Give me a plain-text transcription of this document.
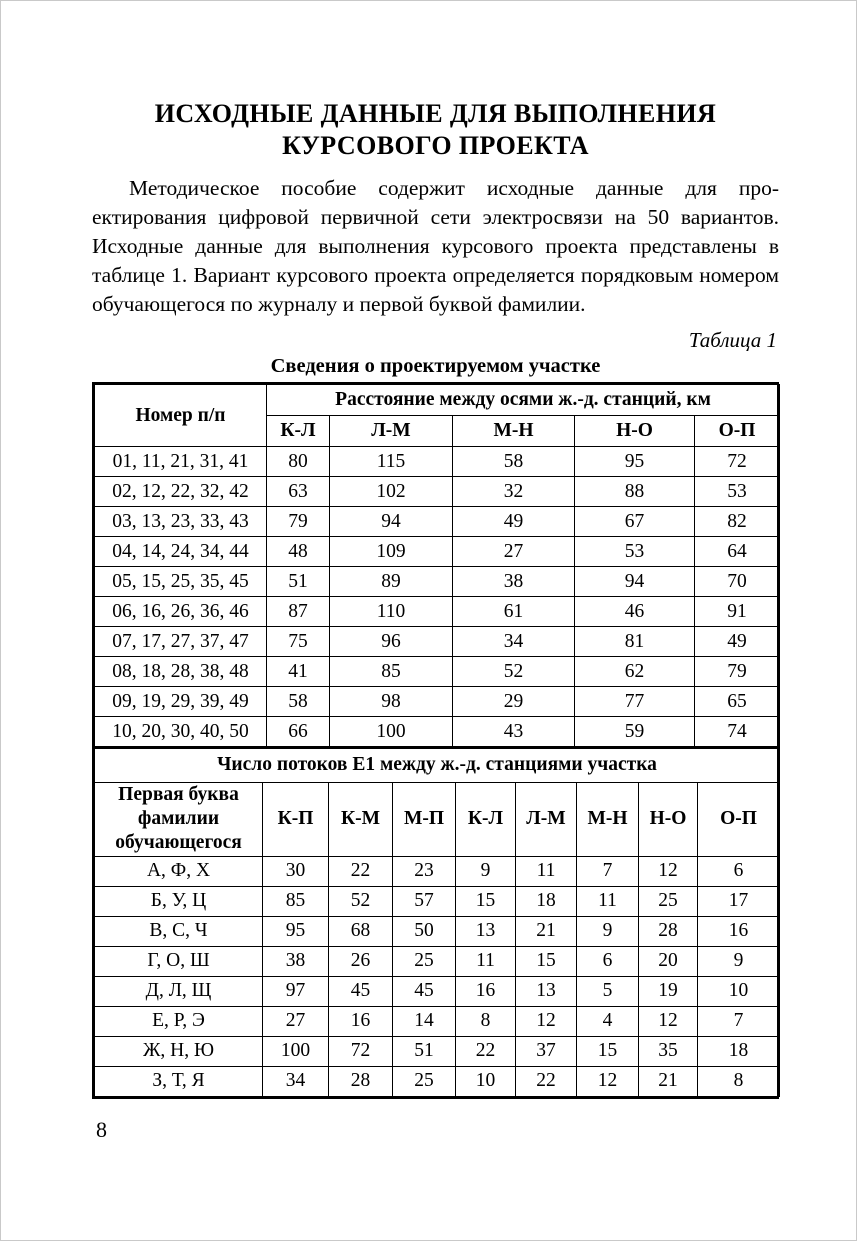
ИСХОДНЫЕ ДАННЫЕ ДЛЯ ВЫПОЛНЕНИЯ
КУРСОВОГО ПРОЕКТА

Методическое пособие содержит исходные данные для проектирования цифровой первичной сети электросвязи на 50 вариантов. Исходные данные для выполнения курсового проекта представлены в таблице 1. Вариант курсового проекта определяется порядковым номером обучающегося по журналу и первой буквой фамилии.

Таблица 1
Сведения о проектируемом участке
Номер п/п	Расстояние между осями ж.-д. станций, км				
	К-Л	Л-М	М-Н	Н-О	О-П
01, 11, 21, 31, 41	80	115	58	95	72
02, 12, 22, 32, 42	63	102	32	88	53
03, 13, 23, 33, 43	79	94	49	67	82
04, 14, 24, 34, 44	48	109	27	53	64
05, 15, 25, 35, 45	51	89	38	94	70
06, 16, 26, 36, 46	87	110	61	46	91
07, 17, 27, 37, 47	75	96	34	81	49
08, 18, 28, 38, 48	41	85	52	62	79
09, 19, 29, 39, 49	58	98	29	77	65
10, 20, 30, 40, 50	66	100	43	59	74
Число потоков Е1 между ж.-д. станциями участка								
Первая буква фамилии обучающегося	К-П	К-М	М-П	К-Л	Л-М	М-Н	Н-О	О-П
А, Ф, Х	30	22	23	9	11	7	12	6
Б, У, Ц	85	52	57	15	18	11	25	17
В, С, Ч	95	68	50	13	21	9	28	16
Г, О, Ш	38	26	25	11	15	6	20	9
Д, Л, Щ	97	45	45	16	13	5	19	10
Е, Р, Э	27	16	14	8	12	4	12	7
Ж, Н, Ю	100	72	51	22	37	15	35	18
З, Т, Я	34	28	25	10	22	12	21	8
8
